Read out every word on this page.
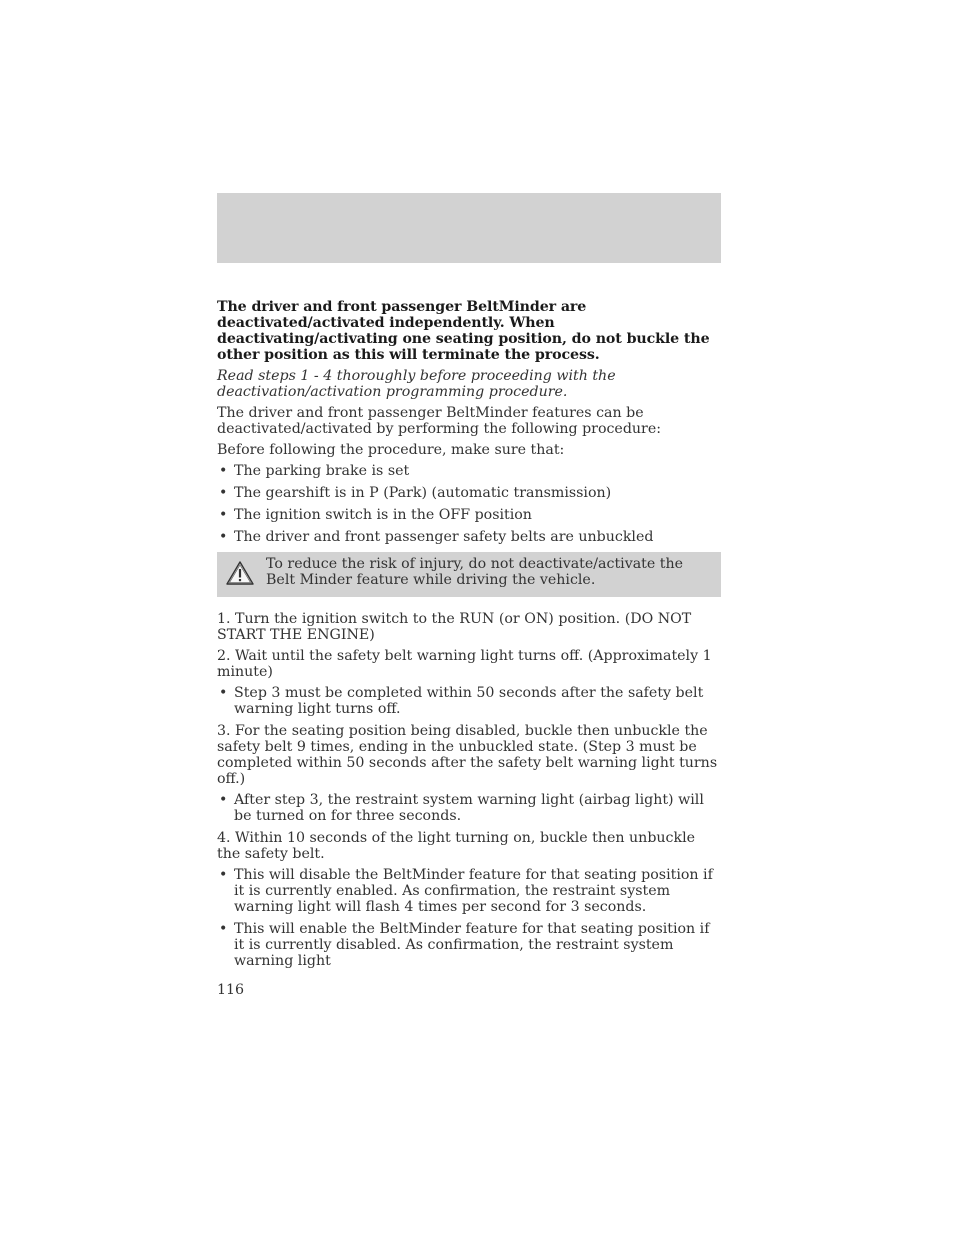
The driver and front passenger BeltMinder are deactivated/activated independently. When deactivating/activating one seating position, do not buckle the other position as this will terminate the process.

Read steps 1 - 4 thoroughly before proceeding with the deactivation/activation programming procedure.

The driver and front passenger BeltMinder features can be deactivated/activated by performing the following procedure:

Before following the procedure, make sure that:

• The parking brake is set
• The gearshift is in P (Park) (automatic transmission)
• The ignition switch is in the OFF position
• The driver and front passenger safety belts are unbuckled
To reduce the risk of injury, do not deactivate/activate the Belt Minder feature while driving the vehicle.

1. Turn the ignition switch to the RUN (or ON) position. (DO NOT START THE ENGINE)

2. Wait until the safety belt warning light turns off. (Approximately 1 minute)

• Step 3 must be completed within 50 seconds after the safety belt warning light turns off.

3. For the seating position being disabled, buckle then unbuckle the safety belt 9 times, ending in the unbuckled state. (Step 3 must be completed within 50 seconds after the safety belt warning light turns off.)

• After step 3, the restraint system warning light (airbag light) will be turned on for three seconds.

4. Within 10 seconds of the light turning on, buckle then unbuckle the safety belt.

• This will disable the BeltMinder feature for that seating position if it is currently enabled. As confirmation, the restraint system warning light will flash 4 times per second for 3 seconds.
• This will enable the BeltMinder feature for that seating position if it is currently disabled. As confirmation, the restraint system warning light
116
